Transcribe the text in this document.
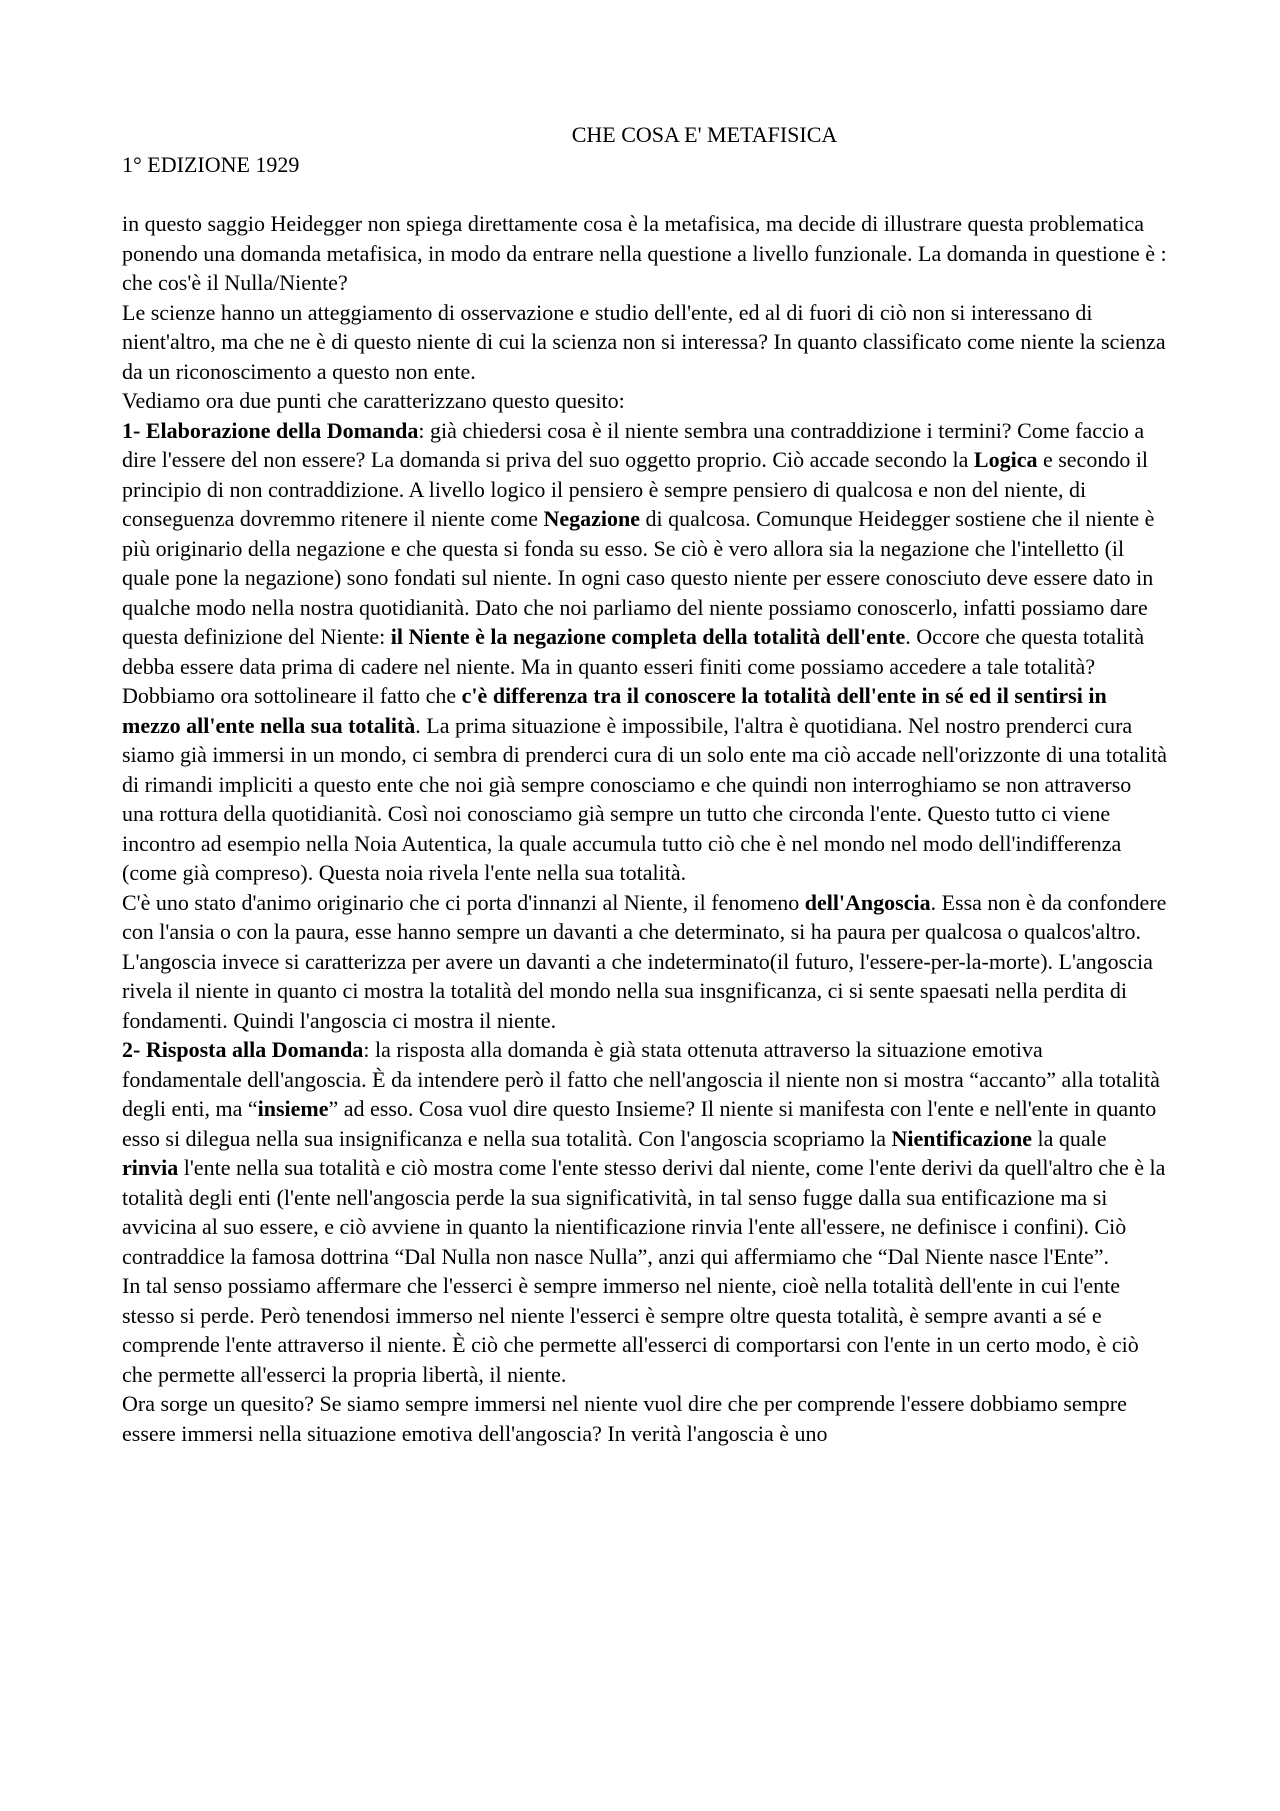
CHE COSA E' METAFISICA

1° EDIZIONE 1929

in questo saggio Heidegger non spiega direttamente cosa è la metafisica, ma decide di illustrare questa problematica ponendo una domanda metafisica, in modo da entrare nella questione a livello funzionale. La domanda in questione è : che cos'è il Nulla/Niente?

Le scienze hanno un atteggiamento di osservazione e studio dell'ente, ed al di fuori di ciò non si interessano di nient'altro, ma che ne è di questo niente di cui la scienza non si interessa? In quanto classificato come niente la scienza da un riconoscimento a questo non ente.

Vediamo ora due punti che caratterizzano questo quesito:

1- Elaborazione della Domanda: già chiedersi cosa è il niente sembra una contraddizione i termini? Come faccio a dire l'essere del non essere? La domanda si priva del suo oggetto proprio. Ciò accade secondo la Logica e secondo il principio di non contraddizione. A livello logico il pensiero è sempre pensiero di qualcosa e non del niente, di conseguenza dovremmo ritenere il niente come Negazione di qualcosa. Comunque Heidegger sostiene che il niente è più originario della negazione e che questa si fonda su esso. Se ciò è vero allora sia la negazione che l'intelletto (il quale pone la negazione) sono fondati sul niente. In ogni caso questo niente per essere conosciuto deve essere dato in qualche modo nella nostra quotidianità. Dato che noi parliamo del niente possiamo conoscerlo, infatti possiamo dare questa definizione del Niente: il Niente è la negazione completa della totalità dell'ente. Occore che questa totalità debba essere data prima di cadere nel niente. Ma in quanto esseri finiti come possiamo accedere a tale totalità? Dobbiamo ora sottolineare il fatto che c'è differenza tra il conoscere la totalità dell'ente in sé ed il sentirsi in mezzo all'ente nella sua totalità. La prima situazione è impossibile, l'altra è quotidiana. Nel nostro prenderci cura siamo già immersi in un mondo, ci sembra di prenderci cura di un solo ente ma ciò accade nell'orizzonte di una totalità di rimandi impliciti a questo ente che noi già sempre conosciamo e che quindi non interroghiamo se non attraverso una rottura della quotidianità. Così noi conosciamo già sempre un tutto che circonda l'ente. Questo tutto ci viene incontro ad esempio nella Noia Autentica, la quale accumula tutto ciò che è nel mondo nel modo dell'indifferenza (come già compreso). Questa noia rivela l'ente nella sua totalità.

C'è uno stato d'animo originario che ci porta d'innanzi al Niente, il fenomeno dell'Angoscia. Essa non è da confondere con l'ansia o con la paura, esse hanno sempre un davanti a che determinato, si ha paura per qualcosa o qualcos'altro. L'angoscia invece si caratterizza per avere un davanti a che indeterminato(il futuro, l'essere-per-la-morte). L'angoscia rivela il niente in quanto ci mostra la totalità del mondo nella sua insgnificanza, ci si sente spaesati nella perdita di fondamenti. Quindi l'angoscia ci mostra il niente.

2- Risposta alla Domanda: la risposta alla domanda è già stata ottenuta attraverso la situazione emotiva fondamentale dell'angoscia. È da intendere però il fatto che nell'angoscia il niente non si mostra “accanto” alla totalità degli enti, ma “insieme” ad esso. Cosa vuol dire questo Insieme? Il niente si manifesta con l'ente e nell'ente in quanto esso si dilegua nella sua insignificanza e nella sua totalità. Con l'angoscia scopriamo la Nientificazione la quale rinvia l'ente nella sua totalità e ciò mostra come l'ente stesso derivi dal niente, come l'ente derivi da quell'altro che è la totalità degli enti (l'ente nell'angoscia perde la sua significatività, in tal senso fugge dalla sua entificazione ma si avvicina al suo essere, e ciò avviene in quanto la nientificazione rinvia l'ente all'essere, ne definisce i confini). Ciò contraddice la famosa dottrina “Dal Nulla non nasce Nulla”, anzi qui affermiamo che “Dal Niente nasce l'Ente”.

In tal senso possiamo affermare che l'esserci è sempre immerso nel niente, cioè nella totalità dell'ente in cui l'ente stesso si perde. Però tenendosi immerso nel niente l'esserci è sempre oltre questa totalità, è sempre avanti a sé e comprende l'ente attraverso il niente. È ciò che permette all'esserci di comportarsi con l'ente in un certo modo, è ciò che permette all'esserci la propria libertà, il niente.

Ora sorge un quesito? Se siamo sempre immersi nel niente vuol dire che per comprende l'essere dobbiamo sempre essere immersi nella situazione emotiva dell'angoscia? In verità l'angoscia è uno
